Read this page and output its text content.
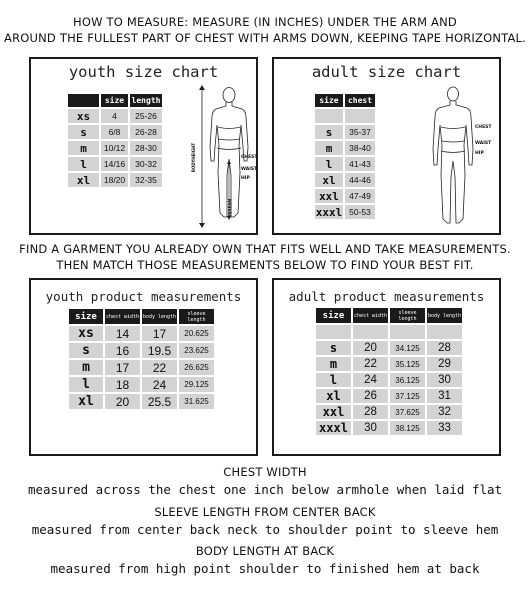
HOW TO MEASURE: MEASURE (IN INCHES) UNDER THE ARM AND
AROUND THE FULLEST PART OF CHEST WITH ARMS DOWN, KEEPING TAPE HORIZONTAL.
youth size chart
	size	length
xs	4	25-26
s	6/8	26-28
m	10/12	28-30
l	14/16	30-32
xl	18/20	32-35
CHEST
WAIST
HIP
BODYHEIGHT
INSEAM
adult size chart
size	chest

s	35-37
m	38-40
l	41-43
xl	44-46
xxl	47-49
xxxl	50-53
CHEST
WAIST
HIP
FIND A GARMENT YOU ALREADY OWN THAT FITS WELL AND TAKE MEASUREMENTS.
THEN MATCH THOSE MEASUREMENTS BELOW TO FIND YOUR BEST FIT.
youth product measurements
size	chest width	body length	sleeve length
xs	14	17	20.625
s	16	19.5	23.625
m	17	22	26.625
l	18	24	29.125
xl	20	25.5	31.625
adult product measurements
size	chest width	sleeve length	body length

s	20	34.125	28
m	22	35.125	29
l	24	36.125	30
xl	26	37.125	31
xxl	28	37.625	32
xxxl	30	38.125	33
CHEST WIDTH
measured across the chest one inch below armhole when laid flat
SLEEVE LENGTH FROM CENTER BACK
measured from center back neck to shoulder point to sleeve hem
BODY LENGTH AT BACK
measured from high point shoulder to finished hem at back
